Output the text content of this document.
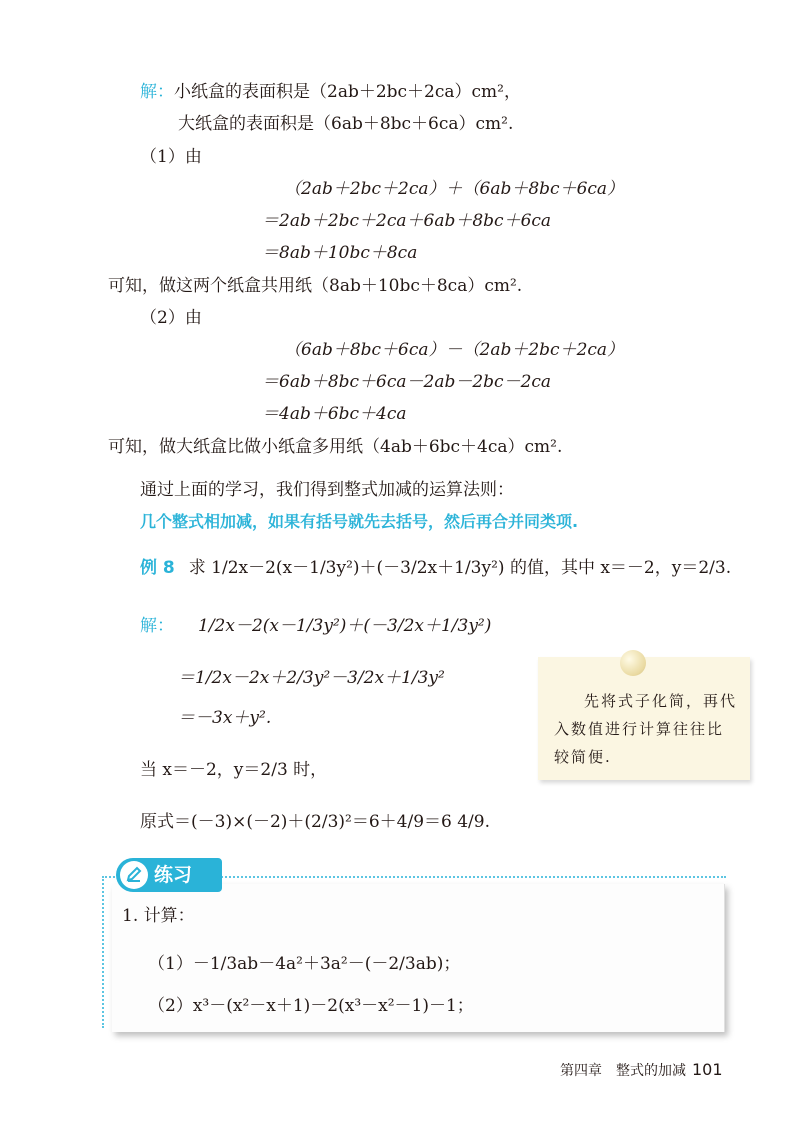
解：小纸盒的表面积是（2ab＋2bc＋2ca）cm²，
大纸盒的表面积是（6ab＋8bc＋6ca）cm².
（1）由
（2ab＋2bc＋2ca）＋（6ab＋8bc＋6ca）
＝2ab＋2bc＋2ca＋6ab＋8bc＋6ca
＝8ab＋10bc＋8ca
可知，做这两个纸盒共用纸（8ab＋10bc＋8ca）cm².
（2）由
（6ab＋8bc＋6ca）－（2ab＋2bc＋2ca）
＝6ab＋8bc＋6ca－2ab－2bc－2ca
＝4ab＋6bc＋4ca
可知，做大纸盒比做小纸盒多用纸（4ab＋6bc＋4ca）cm².
通过上面的学习，我们得到整式加减的运算法则：
几个整式相加减，如果有括号就先去括号，然后再合并同类项.
例 8 求 1/2x－2(x－1/3y²)＋(－3/2x＋1/3y²) 的值，其中 x＝－2，y＝2/3.
解： 1/2x－2(x－1/3y²)＋(－3/2x＋1/3y²)
＝1/2x－2x＋2/3y²－3/2x＋1/3y²
＝－3x＋y².
当 x＝－2，y＝2/3 时，
原式＝(－3)×(－2)＋(2/3)²＝6＋4/9＝6 4/9.
先将式子化简，再代入数值进行计算往往比较简便.
练习
1. 计算：
（1）－1/3ab－4a²＋3a²－(－2/3ab)；
（2）x³－(x²－x＋1)－2(x³－x²－1)－1；
第四章　整式的加减 101
